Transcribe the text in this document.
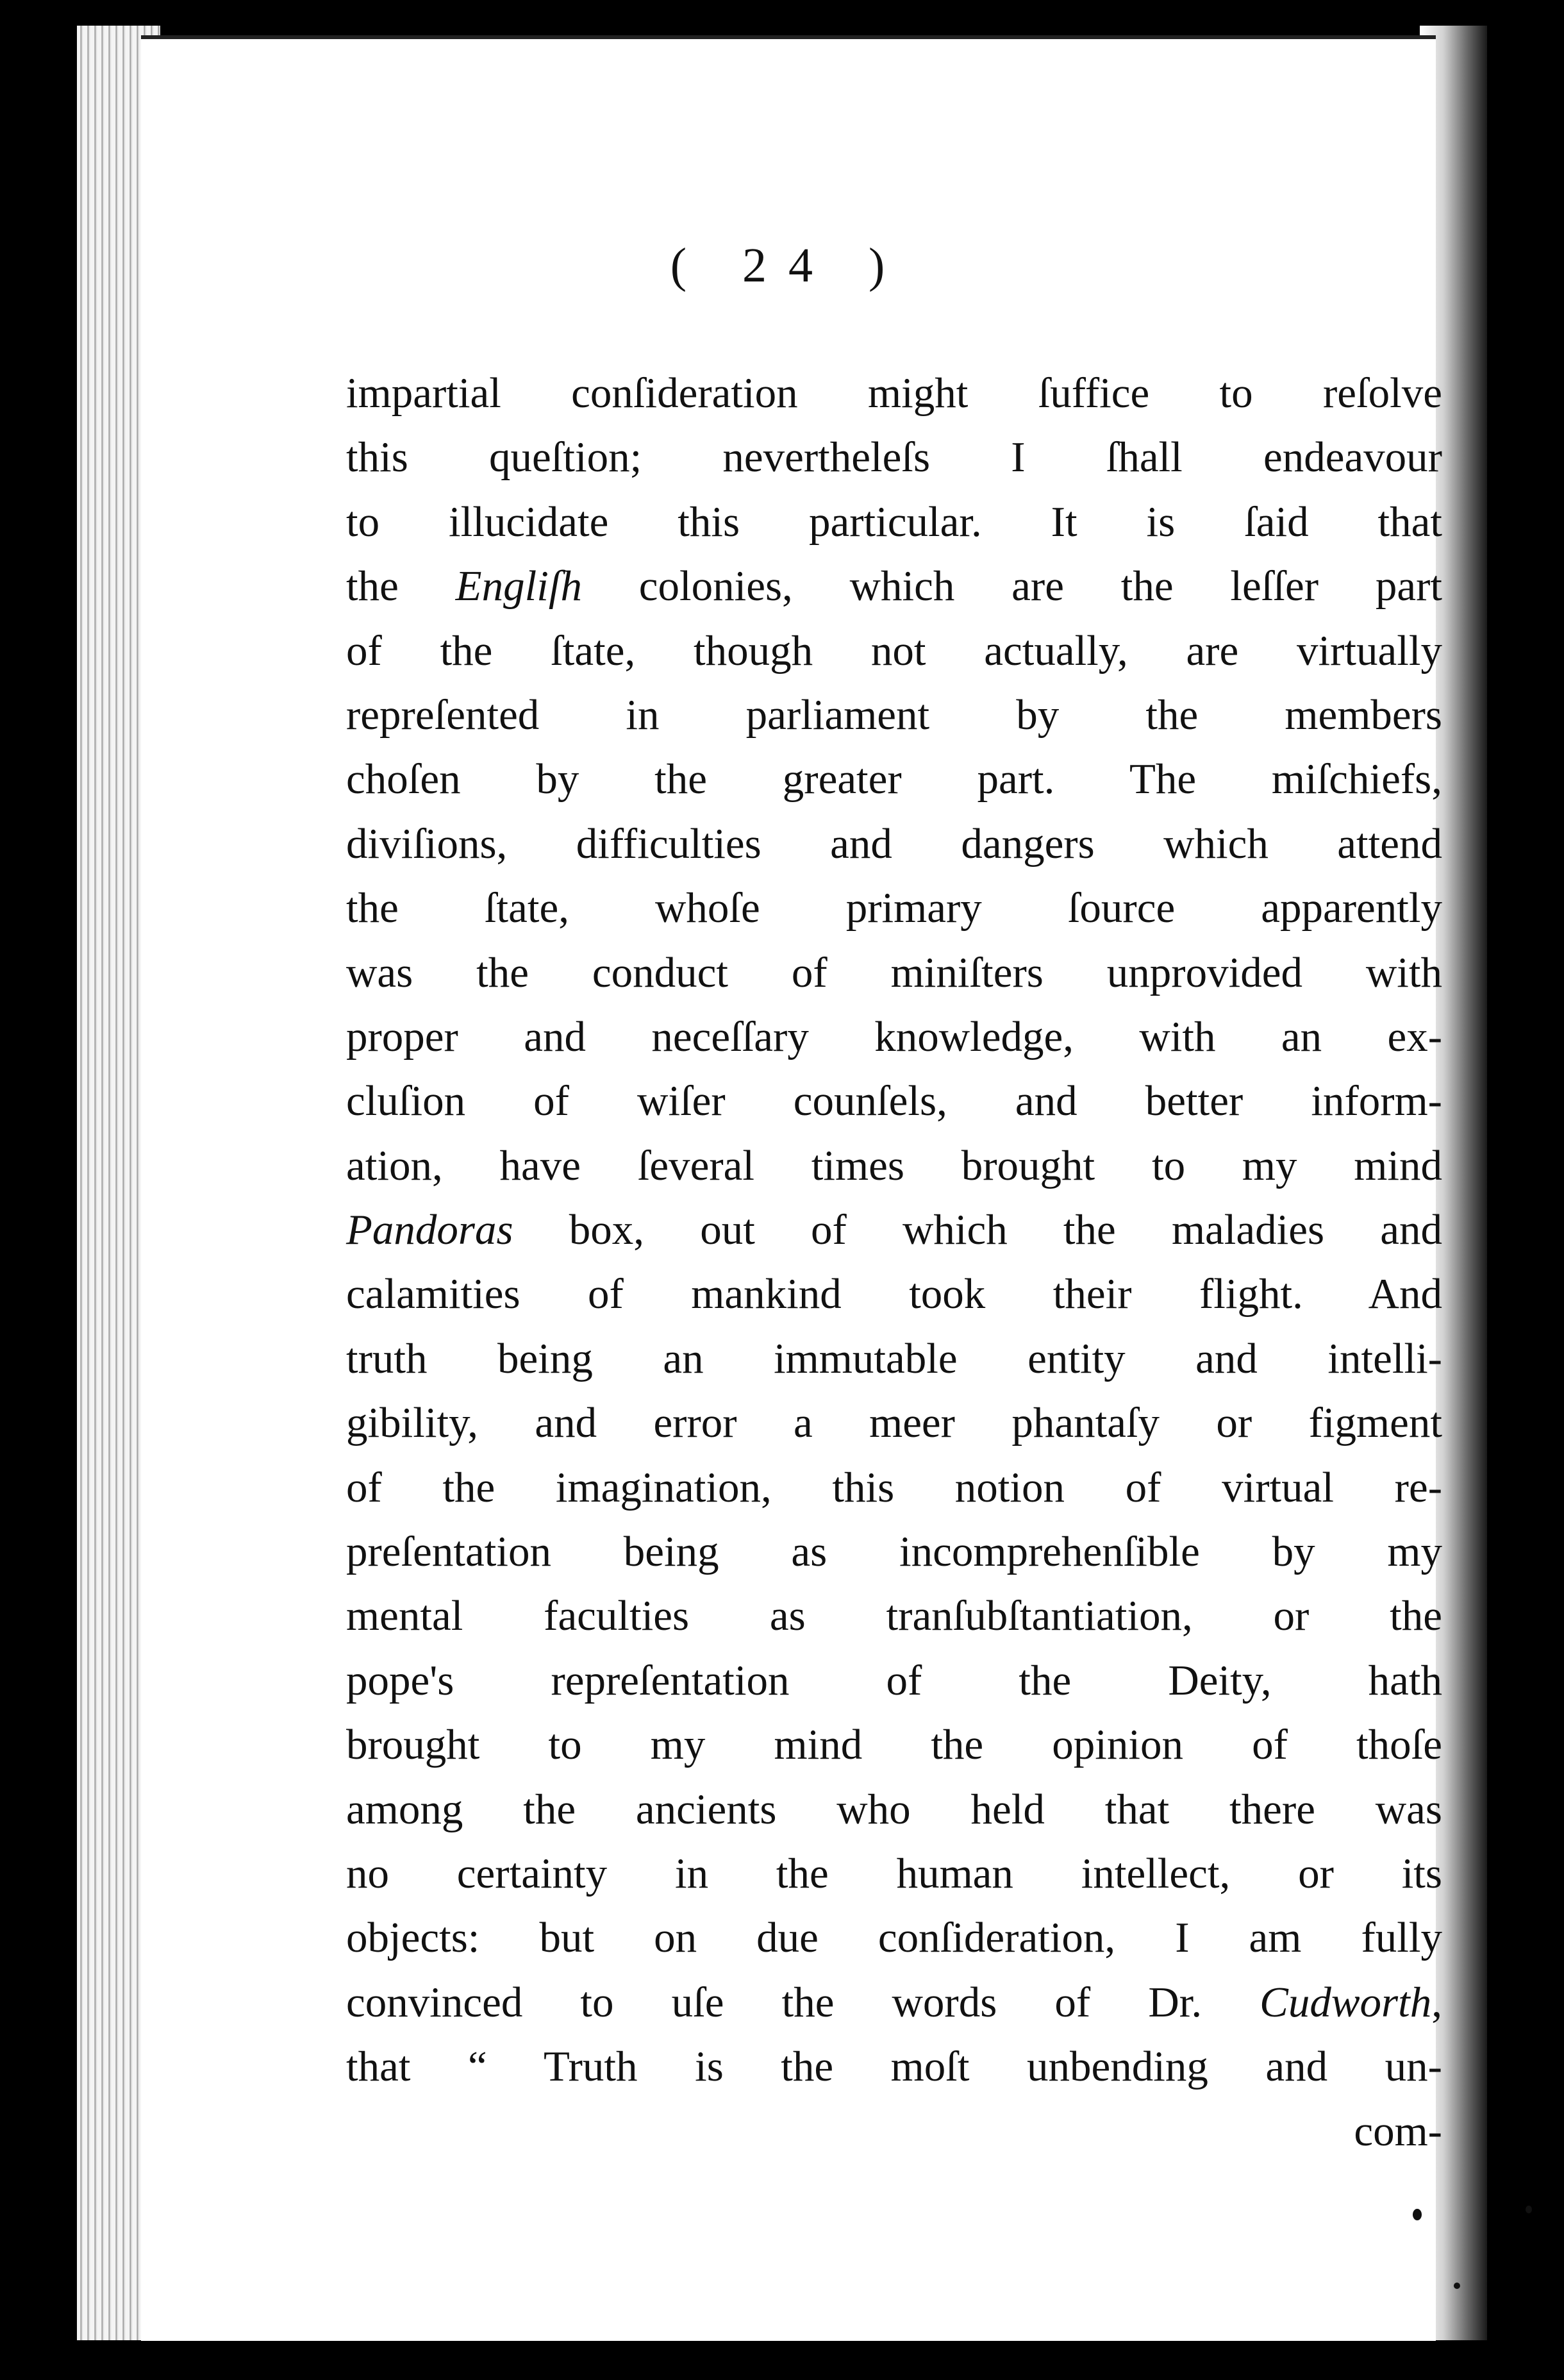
( 24 )
impartial conſideration might ſuffice to reſolve
this queſtion; nevertheleſs I ſhall endeavour
to illucidate this particular. It is ſaid that
the Engliſh colonies, which are the leſſer part
of the ſtate, though not actually, are virtually
repreſented in parliament by the members
choſen by the greater part. The miſchiefs,
diviſions, difficulties and dangers which attend
the ſtate, whoſe primary ſource apparently
was the conduct of miniſters unprovided with
proper and neceſſary knowledge, with an ex-
cluſion of wiſer counſels, and better inform-
ation, have ſeveral times brought to my mind
Pandoras box, out of which the maladies and
calamities of mankind took their flight. And
truth being an immutable entity and intelli-
gibility, and error a meer phantaſy or figment
of the imagination, this notion of virtual re-
preſentation being as incomprehenſible by my
mental faculties as tranſubſtantiation, or the
pope's repreſentation of the Deity, hath
brought to my mind the opinion of thoſe
among the ancients who held that there was
no certainty in the human intellect, or its
objects: but on due conſideration, I am fully
convinced to uſe the words of Dr. Cudworth,
that “ Truth is the moſt unbending and un-
com-
